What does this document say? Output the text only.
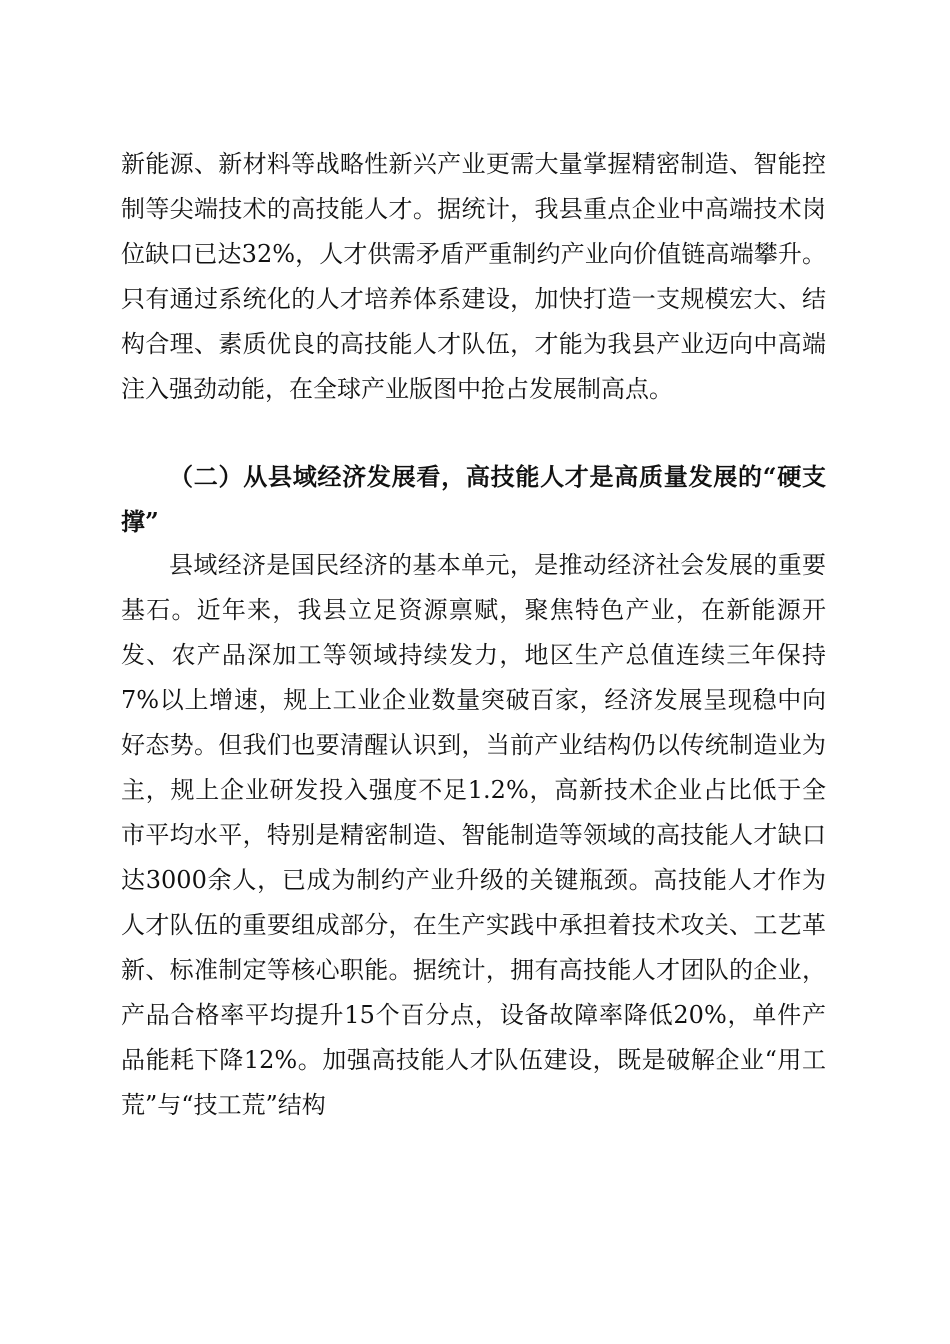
新能源、新材料等战略性新兴产业更需大量掌握精密制造、智能控制等尖端技术的高技能人才。据统计，我县重点企业中高端技术岗位缺口已达32%，人才供需矛盾严重制约产业向价值链高端攀升。只有通过系统化的人才培养体系建设，加快打造一支规模宏大、结构合理、素质优良的高技能人才队伍，才能为我县产业迈向中高端注入强劲动能，在全球产业版图中抢占发展制高点。

（二）从县域经济发展看，高技能人才是高质量发展的“硬支撑”

县域经济是国民经济的基本单元，是推动经济社会发展的重要基石。近年来，我县立足资源禀赋，聚焦特色产业，在新能源开发、农产品深加工等领域持续发力，地区生产总值连续三年保持7%以上增速，规上工业企业数量突破百家，经济发展呈现稳中向好态势。但我们也要清醒认识到，当前产业结构仍以传统制造业为主，规上企业研发投入强度不足1.2%，高新技术企业占比低于全市平均水平，特别是精密制造、智能制造等领域的高技能人才缺口达3000余人，已成为制约产业升级的关键瓶颈。高技能人才作为人才队伍的重要组成部分，在生产实践中承担着技术攻关、工艺革新、标准制定等核心职能。据统计，拥有高技能人才团队的企业，产品合格率平均提升15个百分点，设备故障率降低20%，单件产品能耗下降12%。加强高技能人才队伍建设，既是破解企业“用工荒”与“技工荒”结构
